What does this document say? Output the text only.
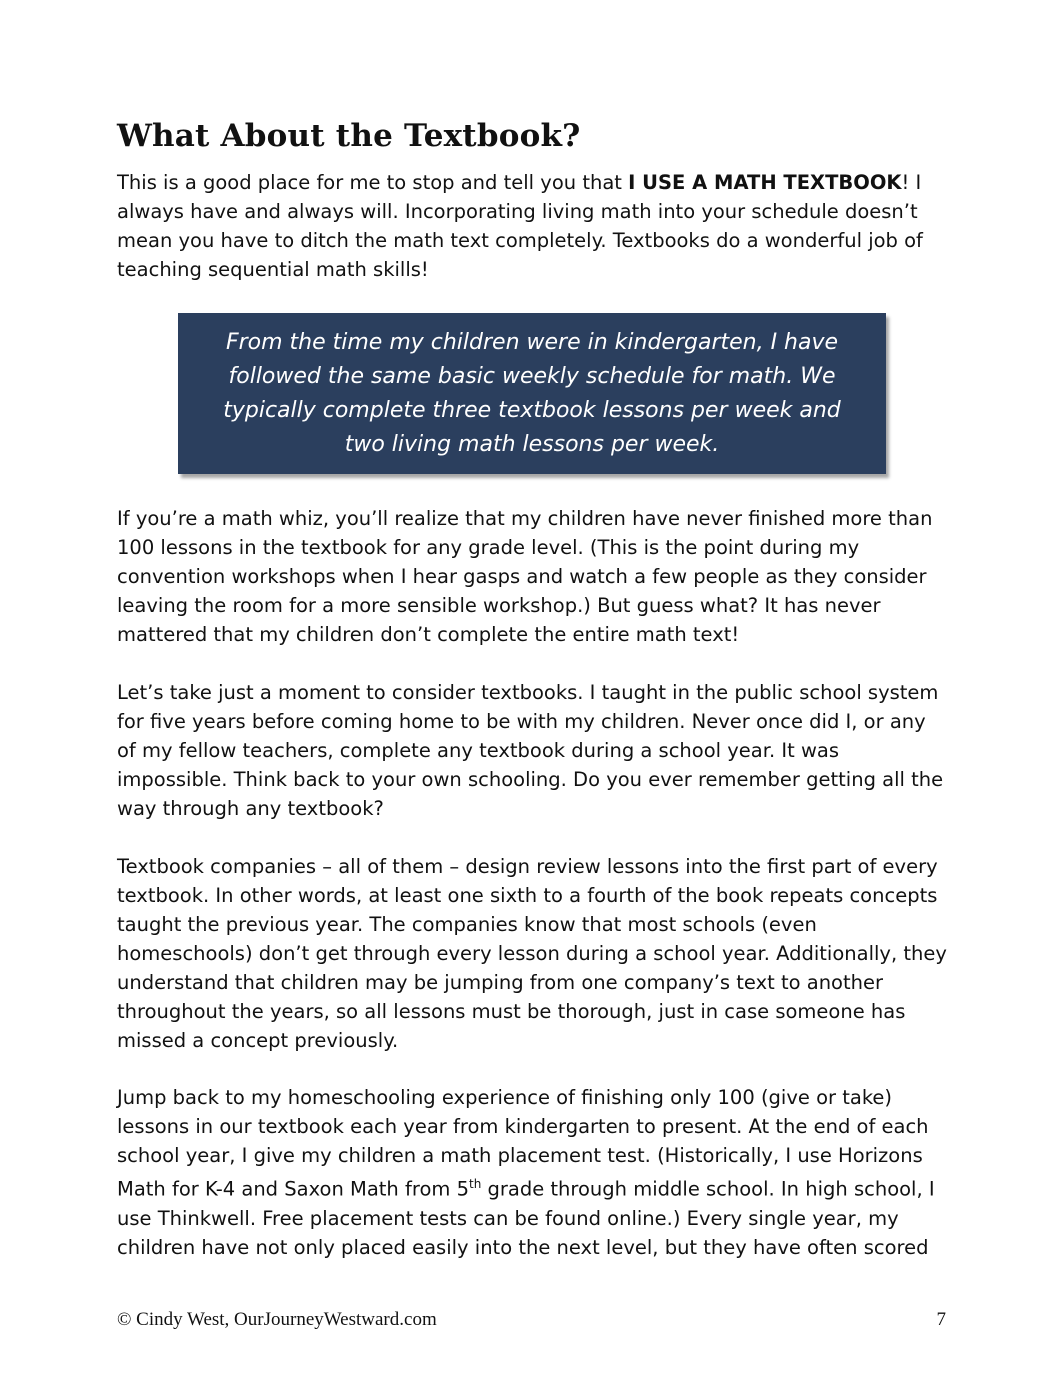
What About the Textbook?

This is a good place for me to stop and tell you that I USE A MATH TEXTBOOK! I always have and always will. Incorporating living math into your schedule doesn’t mean you have to ditch the math text completely. Textbooks do a wonderful job of teaching sequential math skills!

From the time my children were in kindergarten, I have followed the same basic weekly schedule for math. We typically complete three textbook lessons per week and two living math lessons per week.

If you’re a math whiz, you’ll realize that my children have never finished more than 100 lessons in the textbook for any grade level. (This is the point during my convention workshops when I hear gasps and watch a few people as they consider leaving the room for a more sensible workshop.) But guess what? It has never mattered that my children don’t complete the entire math text!

Let’s take just a moment to consider textbooks. I taught in the public school system for five years before coming home to be with my children. Never once did I, or any of my fellow teachers, complete any textbook during a school year. It was impossible. Think back to your own schooling. Do you ever remember getting all the way through any textbook?

Textbook companies – all of them – design review lessons into the first part of every textbook. In other words, at least one sixth to a fourth of the book repeats concepts taught the previous year. The companies know that most schools (even homeschools) don’t get through every lesson during a school year. Additionally, they understand that children may be jumping from one company’s text to another throughout the years, so all lessons must be thorough, just in case someone has missed a concept previously.

Jump back to my homeschooling experience of finishing only 100 (give or take) lessons in our textbook each year from kindergarten to present. At the end of each school year, I give my children a math placement test. (Historically, I use Horizons Math for K-4 and Saxon Math from 5th grade through middle school. In high school, I use Thinkwell. Free placement tests can be found online.) Every single year, my children have not only placed easily into the next level, but they have often scored

© Cindy West, OurJourneyWestward.com	7
